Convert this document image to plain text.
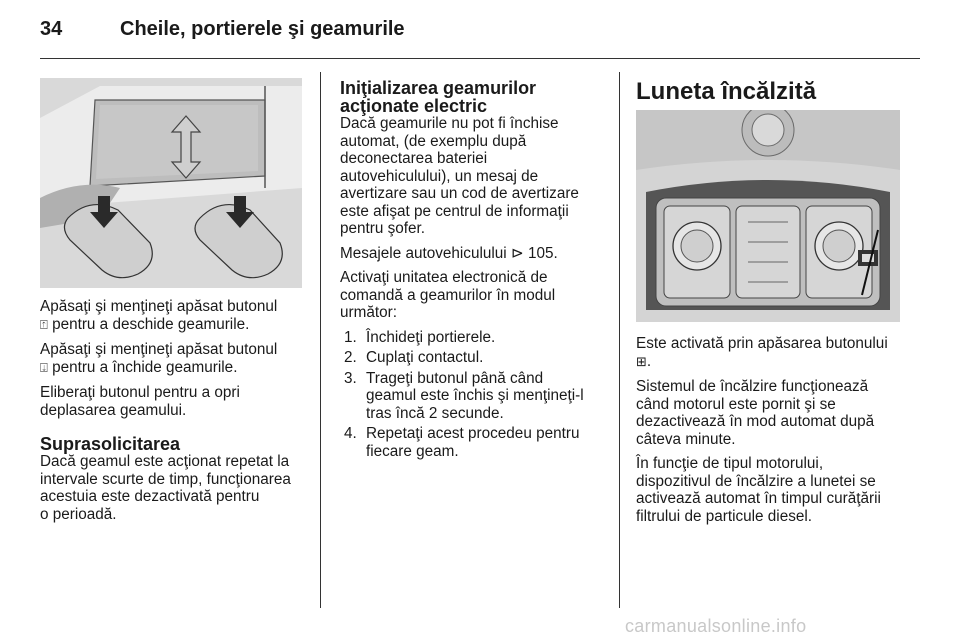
34	Cheile, portierele şi geamurile

Apăsaţi şi menţineţi apăsat butonul
⍐ pentru a deschide geamurile.

Apăsaţi şi menţineţi apăsat butonul
⍗ pentru a închide geamurile.

Eliberaţi butonul pentru a opri
deplasarea geamului.

Suprasolicitarea

Dacă geamul este acţionat repetat la
intervale scurte de timp, funcţionarea
acestuia este dezactivată pentru
o perioadă.

Iniţializarea geamurilor
acţionate electric

Dacă geamurile nu pot fi închise
automat, (de exemplu după
deconectarea bateriei
autovehiculului), un mesaj de
avertizare sau un cod de avertizare
este afişat pe centrul de informaţii
pentru şofer.

Mesajele autovehiculului ⊳ 105.

Activaţi unitatea electronică de
comandă a geamurilor în modul
următor:

1. Închideţi portierele.
2. Cuplaţi contactul.
3. Trageţi butonul până când
geamul este închis şi menţineţi-l
tras încă 2 secunde.
4. Repetaţi acest procedeu pentru
fiecare geam.
Luneta încălzită

Este activată prin apăsarea butonului
⊞.

Sistemul de încălzire funcţionează
când motorul este pornit şi se
dezactivează în mod automat după
câteva minute.

În funcţie de tipul motorului,
dispozitivul de încălzire a lunetei se
activează automat în timpul curăţării
filtrului de particule diesel.

carmanualsonline.info
